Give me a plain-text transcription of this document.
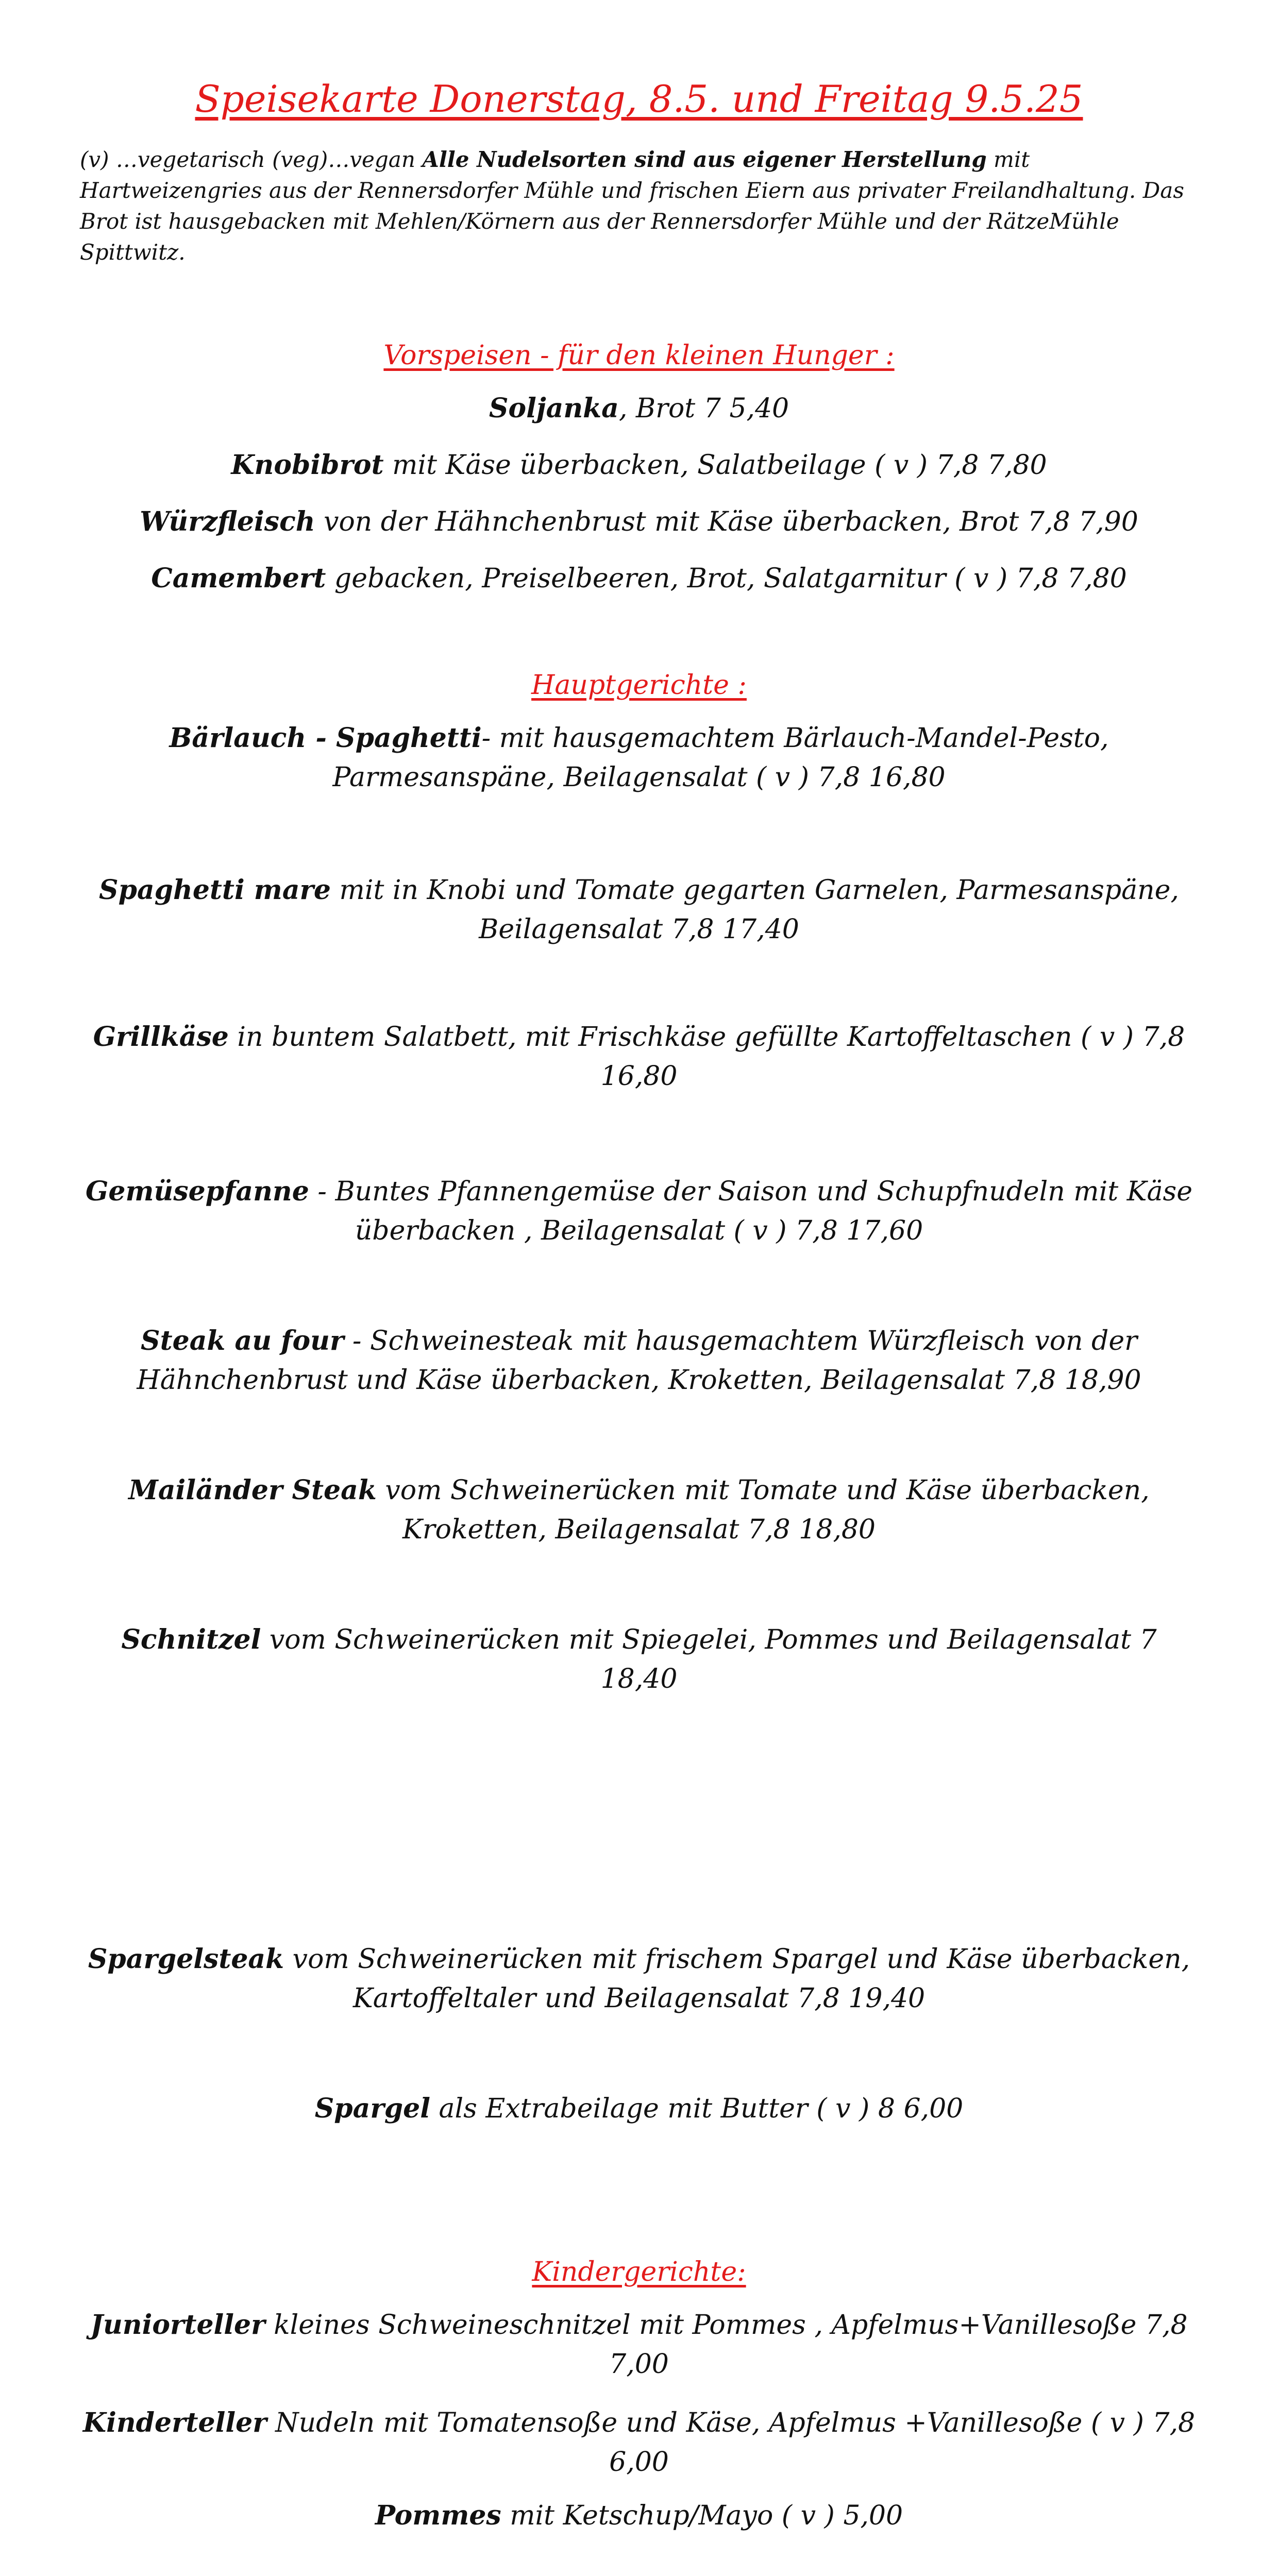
Speisekarte Donerstag, 8.5. und Freitag 9.5.25
(v) …vegetarisch (veg)…vegan Alle Nudelsorten sind aus eigener Herstellung mit Hartweizengries aus der Rennersdorfer Mühle und frischen Eiern aus privater Freilandhaltung. Das Brot ist hausgebacken mit Mehlen/Körnern aus der Rennersdorfer Mühle und der RätzeMühle Spittwitz.
Vorspeisen - für den kleinen Hunger :
Soljanka, Brot 7 5,40
Knobibrot mit Käse überbacken, Salatbeilage ( v ) 7,8 7,80
Würzfleisch von der Hähnchenbrust mit Käse überbacken, Brot 7,8 7,90
Camembert gebacken, Preiselbeeren, Brot, Salatgarnitur ( v ) 7,8 7,80
Hauptgerichte :
Bärlauch - Spaghetti- mit hausgemachtem Bärlauch-Mandel-Pesto, Parmesanspäne, Beilagensalat ( v ) 7,8 16,80
Spaghetti mare mit in Knobi und Tomate gegarten Garnelen, Parmesanspäne, Beilagensalat 7,8 17,40
Grillkäse in buntem Salatbett, mit Frischkäse gefüllte Kartoffeltaschen ( v ) 7,8 16,80
Gemüsepfanne - Buntes Pfannengemüse der Saison und Schupfnudeln mit Käse überbacken , Beilagensalat ( v ) 7,8 17,60
Steak au four - Schweinesteak mit hausgemachtem Würzfleisch von der Hähnchenbrust und Käse überbacken, Kroketten, Beilagensalat 7,8 18,90
Mailänder Steak vom Schweinerücken mit Tomate und Käse überbacken, Kroketten, Beilagensalat 7,8 18,80
Schnitzel vom Schweinerücken mit Spiegelei, Pommes und Beilagensalat 7 18,40
Spargelsteak vom Schweinerücken mit frischem Spargel und Käse überbacken, Kartoffeltaler und Beilagensalat 7,8 19,40
Spargel als Extrabeilage mit Butter ( v ) 8 6,00
Kindergerichte:
Juniorteller kleines Schweineschnitzel mit Pommes , Apfelmus+Vanillesoße 7,8 7,00
Kinderteller Nudeln mit Tomatensoße und Käse, Apfelmus +Vanillesoße ( v ) 7,8 6,00
Pommes mit Ketschup/Mayo ( v ) 5,00
